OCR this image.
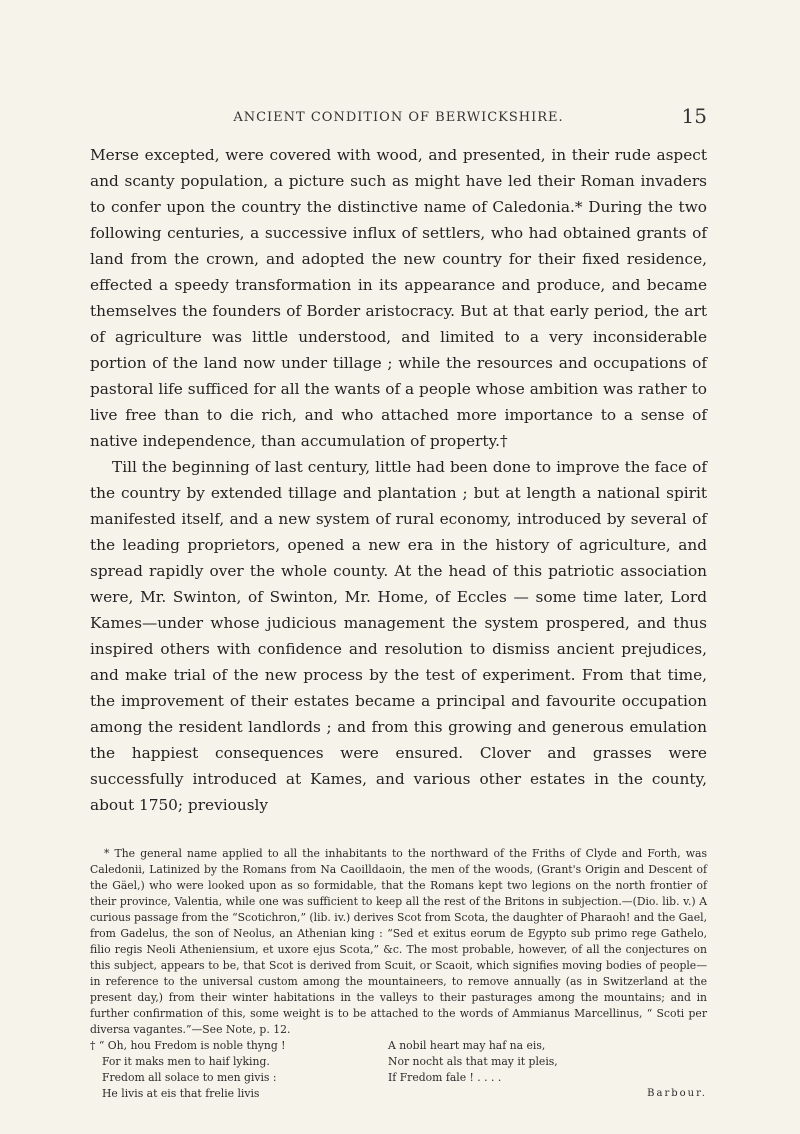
ANCIENT CONDITION OF BERWICKSHIRE.	15

Merse excepted, were covered with wood, and presented, in their rude aspect and scanty population, a picture such as might have led their Roman invaders to confer upon the country the distinctive name of Caledonia.* During the two following centuries, a successive influx of settlers, who had obtained grants of land from the crown, and adopted the new country for their fixed residence, effected a speedy transformation in its appearance and produce, and became themselves the founders of Border aristocracy. But at that early period, the art of agriculture was little understood, and limited to a very inconsiderable portion of the land now under tillage ; while the resources and occupations of pastoral life sufficed for all the wants of a people whose ambition was rather to live free than to die rich, and who attached more importance to a sense of native independence, than accumulation of property.†

Till the beginning of last century, little had been done to improve the face of the country by extended tillage and plantation ; but at length a national spirit manifested itself, and a new system of rural economy, introduced by several of the leading proprietors, opened a new era in the history of agriculture, and spread rapidly over the whole county. At the head of this patriotic association were, Mr. Swinton, of Swinton, Mr. Home, of Eccles — some time later, Lord Kames—under whose judicious management the system prospered, and thus inspired others with confidence and resolution to dismiss ancient prejudices, and make trial of the new process by the test of experiment. From that time, the improvement of their estates became a principal and favourite occupation among the resident landlords ; and from this growing and generous emulation the happiest consequences were ensured. Clover and grasses were successfully introduced at Kames, and various other estates in the county, about 1750; previously

* The general name applied to all the inhabitants to the northward of the Friths of Clyde and Forth, was Caledonii, Latinized by the Romans from Na Caoilldaoin, the men of the woods, (Grant's Origin and Descent of the Gäel,) who were looked upon as so formidable, that the Romans kept two legions on the north frontier of their province, Valentia, while one was sufficient to keep all the rest of the Britons in subjection.—(Dio. lib. v.) A curious passage from the “Scotichron,” (lib. iv.) derives Scot from Scota, the daughter of Pharaoh! and the Gael, from Gadelus, the son of Neolus, an Athenian king : “Sed et exitus eorum de Egypto sub primo rege Gathelo, filio regis Neoli Atheniensium, et uxore ejus Scota,” &c. The most probable, however, of all the conjectures on this subject, appears to be, that Scot is derived from Scuit, or Scaoit, which signifies moving bodies of people—in reference to the universal custom among the mountaineers, to remove annually (as in Switzerland at the present day,) from their winter habitations in the valleys to their pasturages among the mountains; and in further confirmation of this, some weight is to be attached to the words of Ammianus Marcellinus, “ Scoti per diversa vagantes.”—See Note, p. 12.

† “ Oh, hou Fredom is noble thyng !
For it maks men to haif lyking.
Fredom all solace to men givis :
He livis at eis that frelie livis
A nobil heart may haf na eis,
Nor nocht als that may it pleis,
If Fredom fale ! . . . .
Barbour.
